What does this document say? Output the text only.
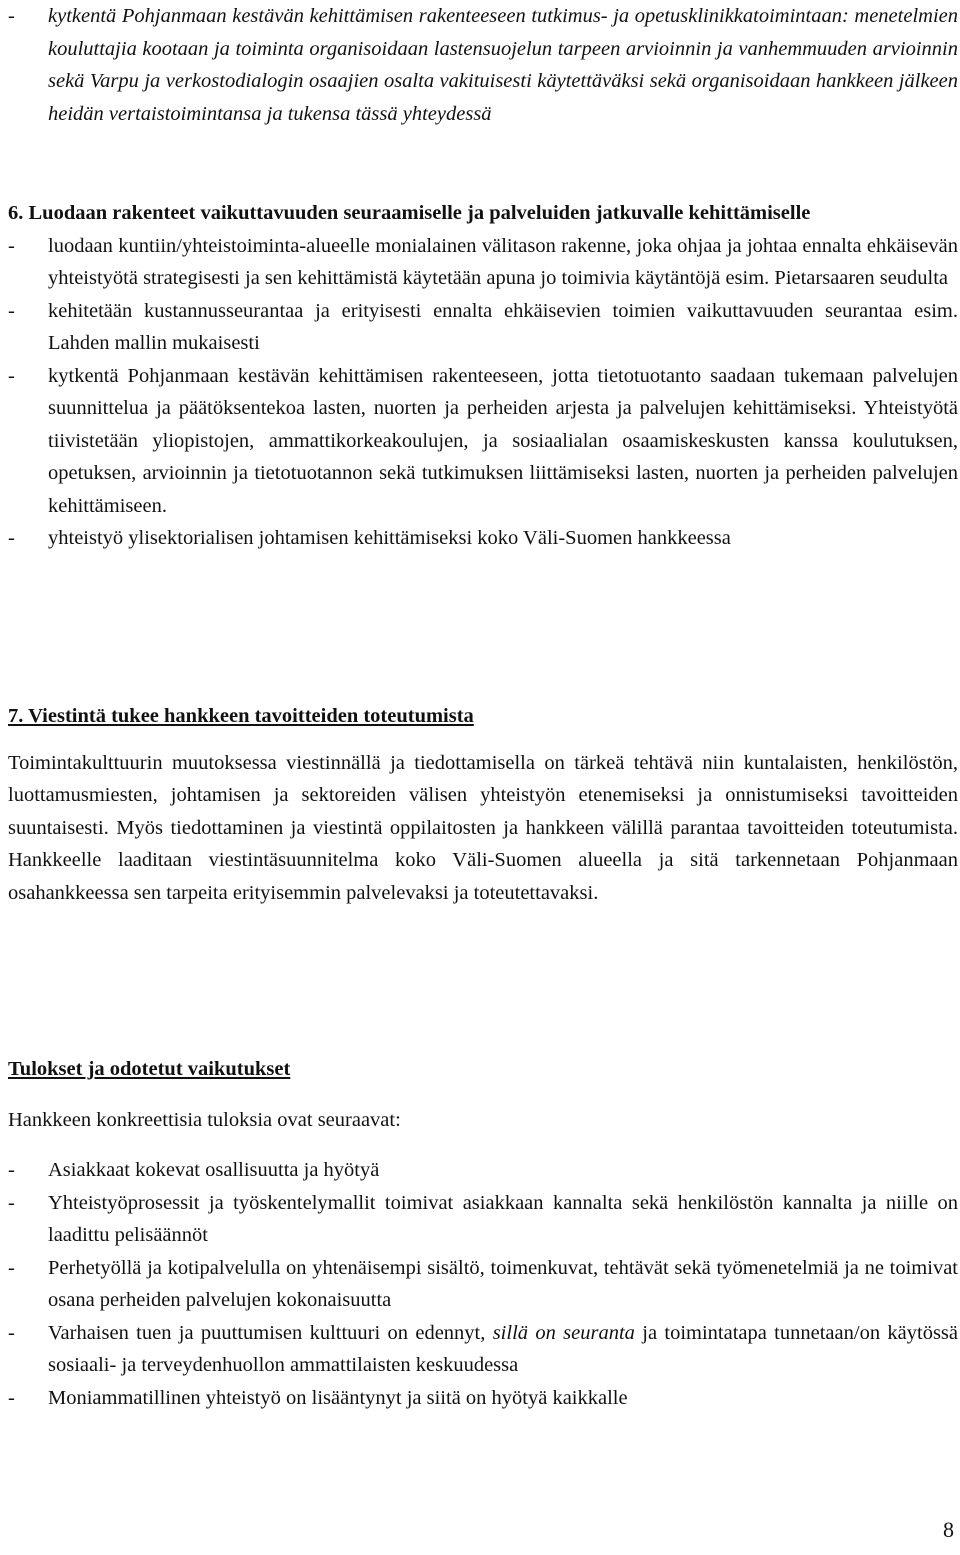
- kytkentä Pohjanmaan kestävän kehittämisen rakenteeseen tutkimus- ja opetusklinikkatoimintaan: menetelmien kouluttajia kootaan ja toiminta organisoidaan lastensuojelun tarpeen arvioinnin ja vanhemmuuden arvioinnin sekä Varpu ja verkostodialogin osaajien osalta vakituisesti käytettäväksi sekä organisoidaan hankkeen jälkeen heidän vertaistoimintansa ja tukensa tässä yhteydessä

6. Luodaan rakenteet vaikuttavuuden seuraamiselle ja palveluiden jatkuvalle kehittämiselle

- luodaan kuntiin/yhteistoiminta-alueelle monialainen välitason rakenne, joka ohjaa ja johtaa ennalta ehkäisevän yhteistyötä strategisesti ja sen kehittämistä käytetään apuna jo toimivia käytäntöjä esim. Pietarsaaren seudulta
- kehitetään kustannusseurantaa ja erityisesti ennalta ehkäisevien toimien vaikuttavuuden seurantaa esim. Lahden mallin mukaisesti
- kytkentä Pohjanmaan kestävän kehittämisen rakenteeseen, jotta tietotuotanto saadaan tukemaan palvelujen suunnittelua ja päätöksentekoa lasten, nuorten ja perheiden arjesta ja palvelujen kehittämiseksi. Yhteistyötä tiivistetään yliopistojen, ammattikorkeakoulujen, ja sosiaalialan osaamiskeskusten kanssa koulutuksen, opetuksen, arvioinnin ja tietotuotannon sekä tutkimuksen liittämiseksi lasten, nuorten ja perheiden palvelujen kehittämiseen.
- yhteistyö ylisektorialisen johtamisen kehittämiseksi koko Väli-Suomen hankkeessa

7. Viestintä tukee hankkeen tavoitteiden toteutumista

Toimintakulttuurin muutoksessa viestinnällä ja tiedottamisella on tärkeä tehtävä niin kuntalaisten, henkilöstön, luottamusmiesten, johtamisen ja sektoreiden välisen yhteistyön etenemiseksi ja onnistumiseksi tavoitteiden suuntaisesti. Myös tiedottaminen ja viestintä oppilaitosten ja hankkeen välillä parantaa tavoitteiden toteutumista. Hankkeelle laaditaan viestintäsuunnitelma koko Väli-Suomen alueella ja sitä tarkennetaan Pohjanmaan osahankkeessa sen tarpeita erityisemmin palvelevaksi ja toteutettavaksi.

Tulokset ja odotetut vaikutukset

Hankkeen konkreettisia tuloksia ovat seuraavat:

- Asiakkaat kokevat osallisuutta ja hyötyä
- Yhteistyöprosessit ja työskentelymallit toimivat asiakkaan kannalta sekä henkilöstön kannalta ja niille on laadittu pelisäännöt
- Perhetyöllä ja kotipalvelulla on yhtenäisempi sisältö, toimenkuvat, tehtävät sekä työmenetelmiä ja ne toimivat osana perheiden palvelujen kokonaisuutta
- Varhaisen tuen ja puuttumisen kulttuuri on edennyt, sillä on seuranta ja toimintatapa tunnetaan/on käytössä sosiaali- ja terveydenhuollon ammattilaisten keskuudessa
- Moniammatillinen yhteistyö on lisääntynyt ja siitä on hyötyä kaikkalle
8
